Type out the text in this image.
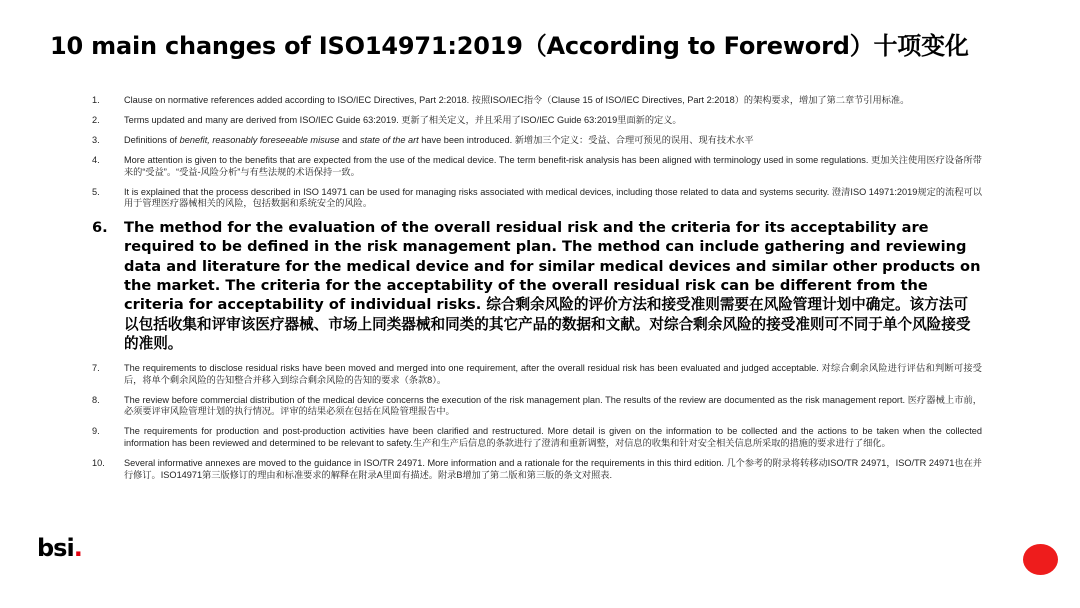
10 main changes of ISO14971:2019（According to Foreword）十项变化
1.	Clause on normative references added according to ISO/IEC Directives, Part 2:2018. 按照ISO/IEC指令（Clause 15 of ISO/IEC Directives, Part 2:2018）的架构要求，增加了第二章节引用标准。
2.	Terms updated and many are derived from ISO/IEC Guide 63:2019. 更新了相关定义，并且采用了ISO/IEC Guide 63:2019里面新的定义。
3.	Definitions of benefit, reasonably foreseeable misuse and state of the art have been introduced. 新增加三个定义：受益、合理可预见的误用、现有技术水平
4.	More attention is given to the benefits that are expected from the use of the medical device. The term benefit-risk analysis has been aligned with terminology used in some regulations. 更加关注使用医疗设备所带来的“受益”。“受益-风险分析”与有些法规的术语保持一致。
5.	It is explained that the process described in ISO 14971 can be used for managing risks associated with medical devices, including those related to data and systems security. 澄清ISO 14971:2019规定的流程可以用于管理医疗器械相关的风险，包括数据和系统安全的风险。
6.	The method for the evaluation of the overall residual risk and the criteria for its acceptability are required to be defined in the risk management plan. The method can include gathering and reviewing data and literature for the medical device and for similar medical devices and similar other products on the market. The criteria for the acceptability of the overall residual risk can be different from the criteria for acceptability of individual risks. 综合剩余风险的评价方法和接受准则需要在风险管理计划中确定。该方法可以包括收集和评审该医疗器械、市场上同类器械和同类的其它产品的数据和文献。对综合剩余风险的接受准则可不同于单个风险接受的准则。
7.	The requirements to disclose residual risks have been moved and merged into one requirement, after the overall residual risk has been evaluated and judged acceptable. 对综合剩余风险进行评估和判断可接受后，将单个剩余风险的告知整合并移入到综合剩余风险的告知的要求（条款8）。
8.	The review before commercial distribution of the medical device concerns the execution of the risk management plan. The results of the review are documented as the risk management report. 医疗器械上市前，必须要评审风险管理计划的执行情况。评审的结果必须在包括在风险管理报告中。
9.	The requirements for production and post-production activities have been clarified and restructured. More detail is given on the information to be collected and the actions to be taken when the collected information has been reviewed and determined to be relevant to safety.生产和生产后信息的条款进行了澄清和重新调整，对信息的收集和针对安全相关信息所采取的措施的要求进行了细化。
10.	Several informative annexes are moved to the guidance in ISO/TR 24971. More information and a rationale for the requirements in this third edition. 几个参考的附录将转移动ISO/TR 24971，ISO/TR 24971也在并行修订。ISO14971第三版修订的理由和标准要求的解释在附录A里面有描述。附录B增加了第二版和第三版的条文对照表.
bsi.
